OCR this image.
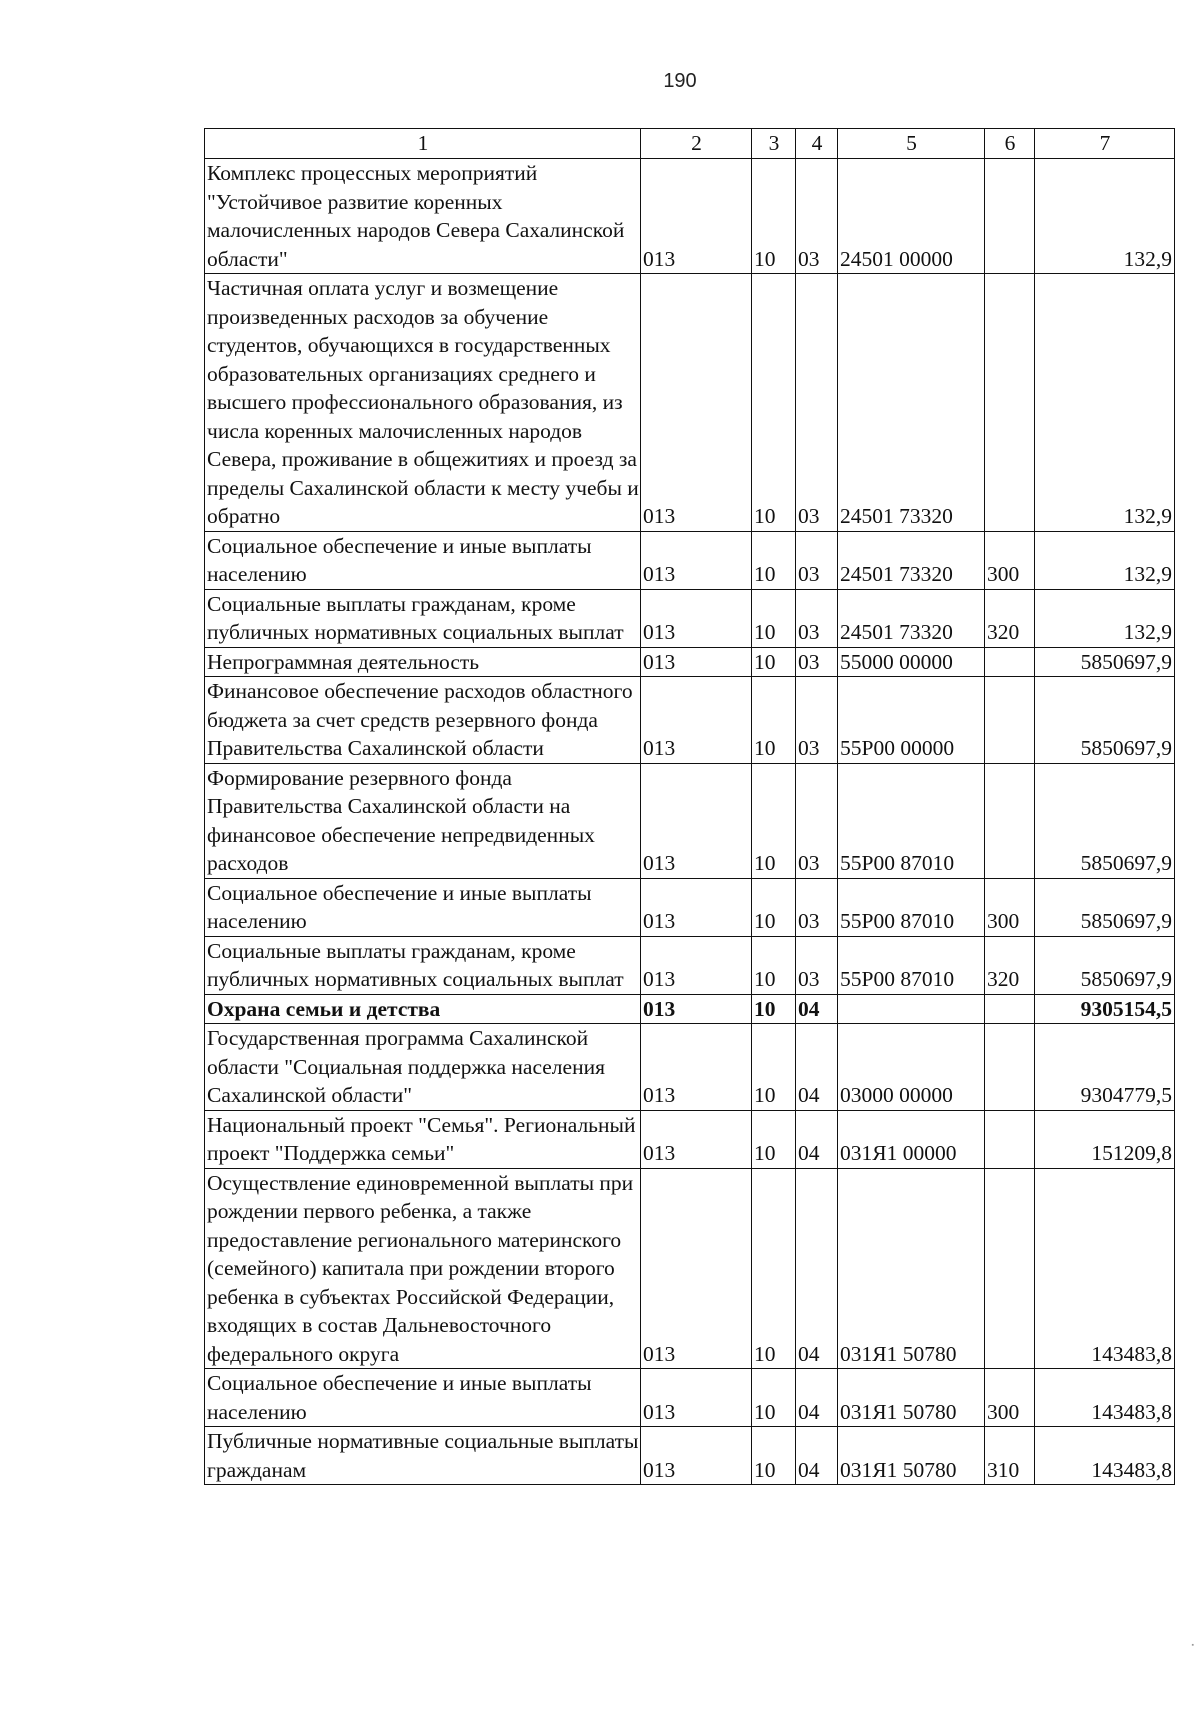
190
1	2	3	4	5	6	7
Комплекс процессных мероприятий "Устойчивое развитие коренных малочисленных народов Севера Сахалинской области"	013	10	03	24501 00000		132,9
Частичная оплата услуг и возмещение произведенных расходов за обучение студентов, обучающихся в государственных образовательных организациях среднего и высшего профессионального образования, из числа коренных малочисленных народов Севера, проживание в общежитиях и проезд за пределы Сахалинской области к месту учебы и обратно	013	10	03	24501 73320		132,9
Социальное обеспечение и иные выплаты населению	013	10	03	24501 73320	300	132,9
Социальные выплаты гражданам, кроме публичных нормативных социальных выплат	013	10	03	24501 73320	320	132,9
Непрограммная деятельность	013	10	03	55000 00000		5850697,9
Финансовое обеспечение расходов областного бюджета за счет средств резервного фонда Правительства Сахалинской области	013	10	03	55Р00 00000		5850697,9
Формирование резервного фонда Правительства Сахалинской области на финансовое обеспечение непредвиденных расходов	013	10	03	55Р00 87010		5850697,9
Социальное обеспечение и иные выплаты населению	013	10	03	55Р00 87010	300	5850697,9
Социальные выплаты гражданам, кроме публичных нормативных социальных выплат	013	10	03	55Р00 87010	320	5850697,9
Охрана семьи и детства	013	10	04			9305154,5
Государственная программа Сахалинской области "Социальная поддержка населения Сахалинской области"	013	10	04	03000 00000		9304779,5
Национальный проект "Семья". Региональный проект "Поддержка семьи"	013	10	04	031Я1 00000		151209,8
Осуществление единовременной выплаты при рождении первого ребенка, а также предоставление регионального материнского (семейного) капитала при рождении второго ребенка в субъектах Российской Федерации, входящих в состав Дальневосточного федерального округа	013	10	04	031Я1 50780		143483,8
Социальное обеспечение и иные выплаты населению	013	10	04	031Я1 50780	300	143483,8
Публичные нормативные социальные выплаты гражданам	013	10	04	031Я1 50780	310	143483,8
▪
